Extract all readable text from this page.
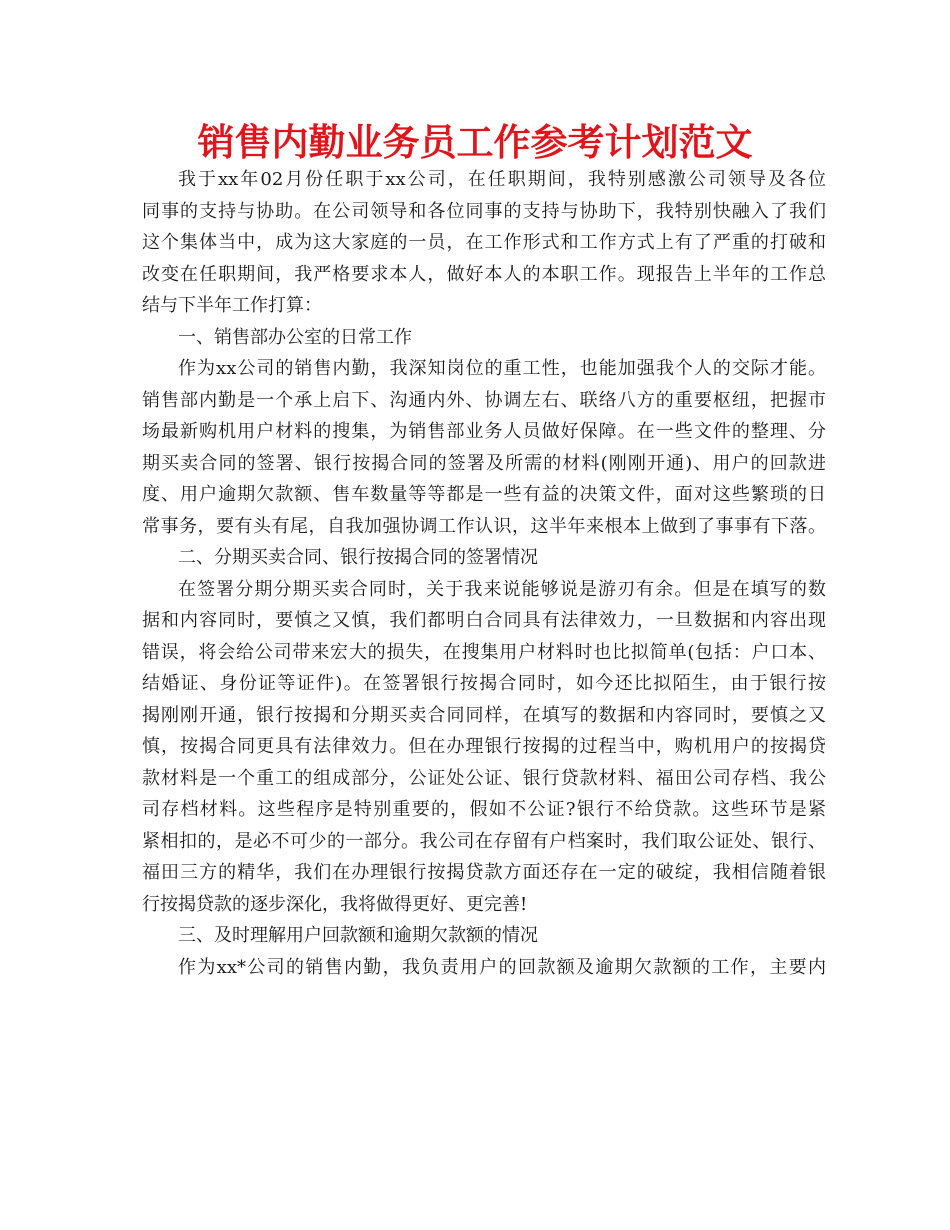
销售内勤业务员工作参考计划范文
我于xx年02月份任职于xx公司，在任职期间，我特别感激公司领导及各位
同事的支持与协助。在公司领导和各位同事的支持与协助下，我特别快融入了我们
这个集体当中，成为这大家庭的一员，在工作形式和工作方式上有了严重的打破和
改变在任职期间，我严格要求本人，做好本人的本职工作。现报告上半年的工作总
结与下半年工作打算：
一、销售部办公室的日常工作
作为xx公司的销售内勤，我深知岗位的重工性，也能加强我个人的交际才能。
销售部内勤是一个承上启下、沟通内外、协调左右、联络八方的重要枢纽，把握市
场最新购机用户材料的搜集，为销售部业务人员做好保障。在一些文件的整理、分
期买卖合同的签署、银行按揭合同的签署及所需的材料(刚刚开通)、用户的回款进
度、用户逾期欠款额、售车数量等等都是一些有益的决策文件，面对这些繁琐的日
常事务，要有头有尾，自我加强协调工作认识，这半年来根本上做到了事事有下落。
二、分期买卖合同、银行按揭合同的签署情况
在签署分期分期买卖合同时，关于我来说能够说是游刃有余。但是在填写的数
据和内容同时，要慎之又慎，我们都明白合同具有法律效力，一旦数据和内容出现
错误，将会给公司带来宏大的损失，在搜集用户材料时也比拟简单(包括：户口本、
结婚证、身份证等证件)。在签署银行按揭合同时，如今还比拟陌生，由于银行按
揭刚刚开通，银行按揭和分期买卖合同同样，在填写的数据和内容同时，要慎之又
慎，按揭合同更具有法律效力。但在办理银行按揭的过程当中，购机用户的按揭贷
款材料是一个重工的组成部分，公证处公证、银行贷款材料、福田公司存档、我公
司存档材料。这些程序是特别重要的，假如不公证?银行不给贷款。这些环节是紧
紧相扣的，是必不可少的一部分。我公司在存留有户档案时，我们取公证处、银行、
福田三方的精华，我们在办理银行按揭贷款方面还存在一定的破绽，我相信随着银
行按揭贷款的逐步深化，我将做得更好、更完善!
三、及时理解用户回款额和逾期欠款额的情况
作为xx*公司的销售内勤，我负责用户的回款额及逾期欠款额的工作，主要内
